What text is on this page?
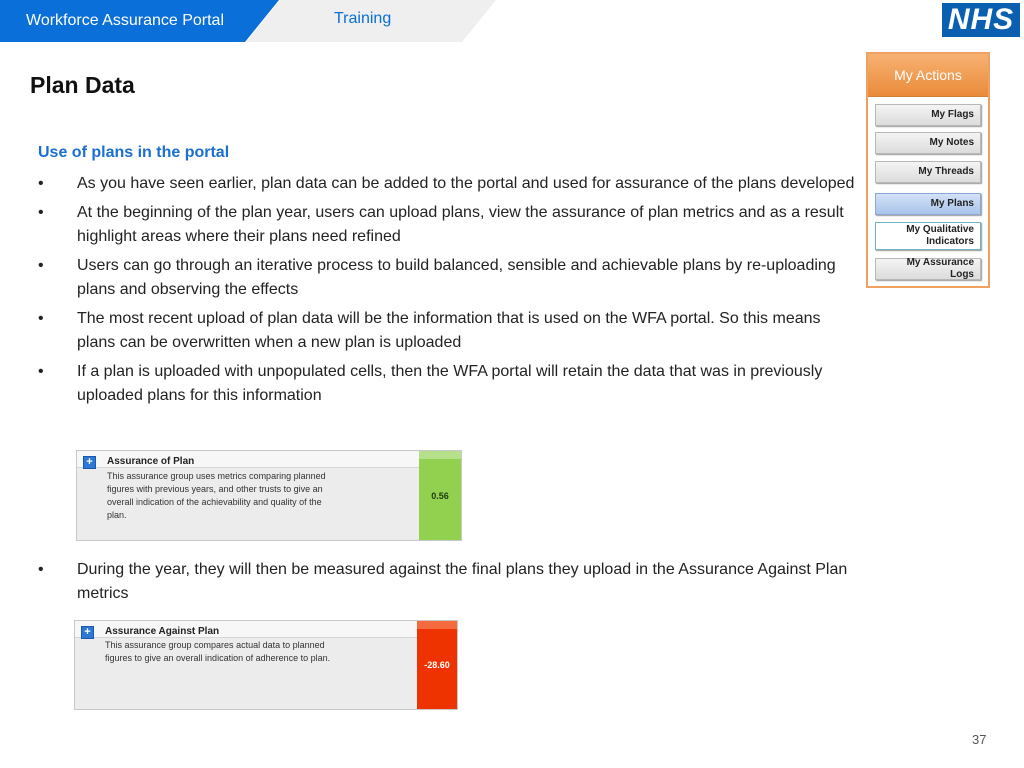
Workforce Assurance Portal	Training	NHS
Plan Data	My Actions
My Flags
My Notes
My Threads
My Plans
My Qualitative Indicators
My Assurance Logs
Use of plans in the portal
• As you have seen earlier, plan data can be added to the portal and used for assurance of the plans developed
• At the beginning of the plan year, users can upload plans, view the assurance of plan metrics and as a result highlight areas where their plans need refined
• Users can go through an iterative process to build balanced, sensible and achievable plans by re-uploading plans and observing the effects
• The most recent upload of plan data will be the information that is used on the WFA portal. So this means plans can be overwritten when a new plan is uploaded
• If a plan is uploaded with unpopulated cells, then the WFA portal will retain the data that was in previously uploaded plans for this information
+	Assurance of Plan
This assurance group uses metrics comparing planned figures with previous years, and other trusts to give an overall indication of the achievability and quality of the plan.
0.56
• During the year, they will then be measured against the final plans they upload in the Assurance Against Plan metrics
+	Assurance Against Plan
This assurance group compares actual data to planned figures to give an overall indication of adherence to plan.
-28.60
37
